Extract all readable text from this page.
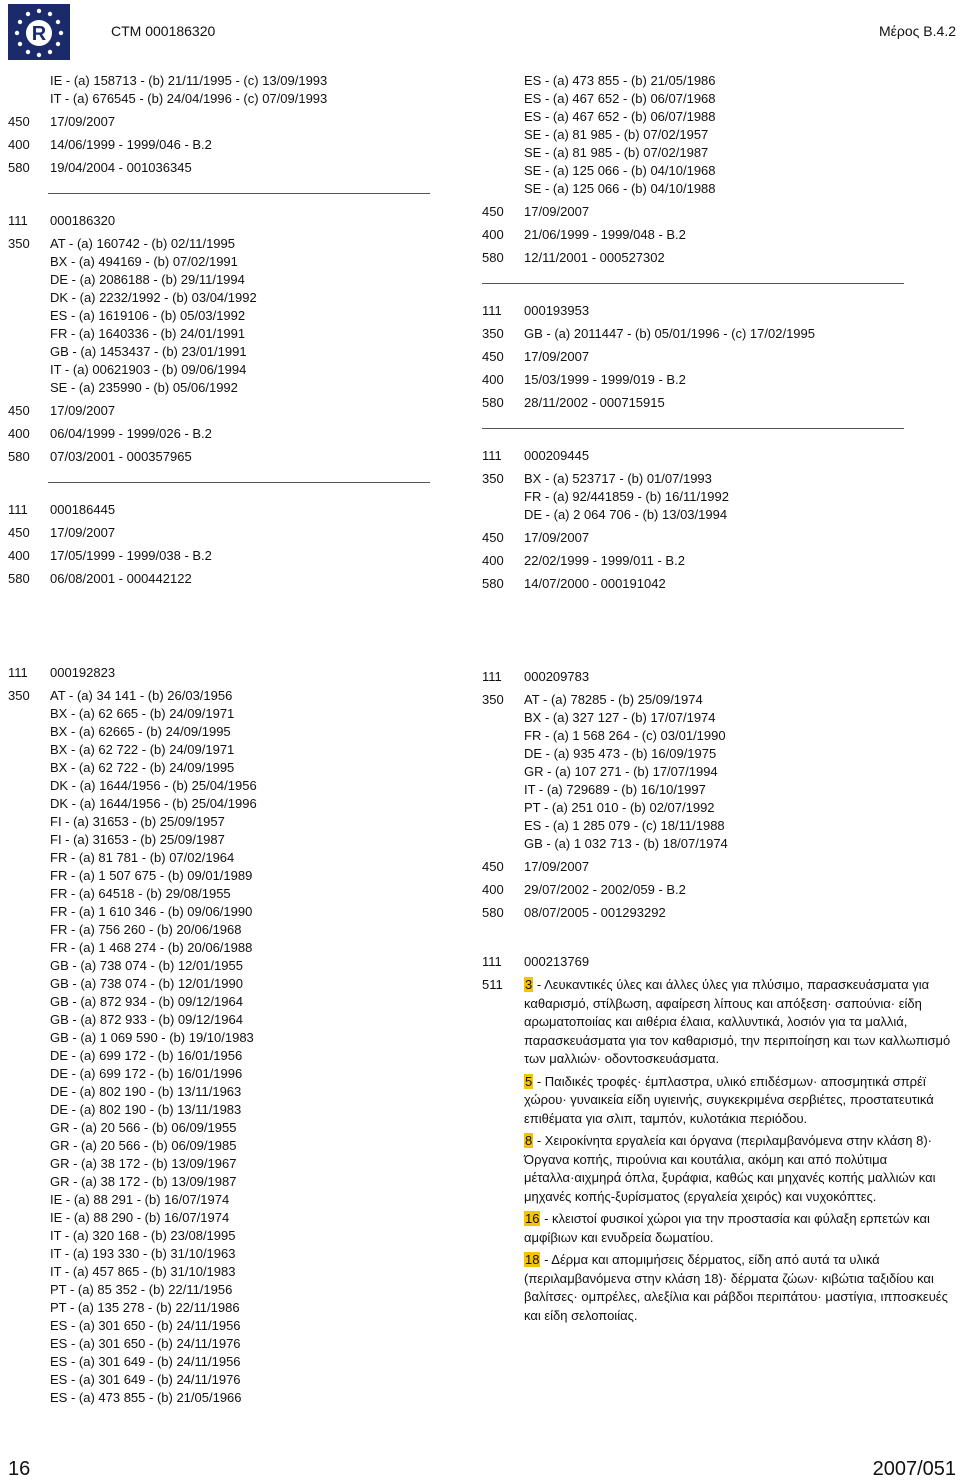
R	CTM 000186320	Μέρος Β.4.2
IE - (a) 158713 - (b) 21/11/1995 - (c) 13/09/1993
IT - (a) 676545 - (b) 24/04/1996 - (c) 07/09/1993
450	17/09/2007
400	14/06/1999 - 1999/046 - B.2
580	19/04/2004 - 001036345
111	000186320
350	AT - (a) 160742 - (b) 02/11/1995
BX - (a) 494169 - (b) 07/02/1991
DE - (a) 2086188 - (b) 29/11/1994
DK - (a) 2232/1992 - (b) 03/04/1992
ES - (a) 1619106 - (b) 05/03/1992
FR - (a) 1640336 - (b) 24/01/1991
GB - (a) 1453437 - (b) 23/01/1991
IT - (a) 00621903 - (b) 09/06/1994
SE - (a) 235990 - (b) 05/06/1992
450	17/09/2007
400	06/04/1999 - 1999/026 - B.2
580	07/03/2001 - 000357965
111	000186445
450	17/09/2007
400	17/05/1999 - 1999/038 - B.2
580	06/08/2001 - 000442122
ES - (a) 473 855 - (b) 21/05/1986
ES - (a) 467 652 - (b) 06/07/1968
ES - (a) 467 652 - (b) 06/07/1988
SE - (a) 81 985 - (b) 07/02/1957
SE - (a) 81 985 - (b) 07/02/1987
SE - (a) 125 066 - (b) 04/10/1968
SE - (a) 125 066 - (b) 04/10/1988
450	17/09/2007
400	21/06/1999 - 1999/048 - B.2
580	12/11/2001 - 000527302
111	000193953
350	GB - (a) 2011447 - (b) 05/01/1996 - (c) 17/02/1995
450	17/09/2007
400	15/03/1999 - 1999/019 - B.2
580	28/11/2002 - 000715915
111	000209445
350	BX - (a) 523717 - (b) 01/07/1993
FR - (a) 92/441859 - (b) 16/11/1992
DE - (a) 2 064 706 - (b) 13/03/1994
450	17/09/2007
400	22/02/1999 - 1999/011 - B.2
580	14/07/2000 - 000191042
111	000192823
350	AT - (a) 34 141 - (b) 26/03/1956
BX - (a) 62 665 - (b) 24/09/1971
BX - (a) 62665 - (b) 24/09/1995
BX - (a) 62 722 - (b) 24/09/1971
BX - (a) 62 722 - (b) 24/09/1995
DK - (a) 1644/1956 - (b) 25/04/1956
DK - (a) 1644/1956 - (b) 25/04/1996
FI - (a) 31653 - (b) 25/09/1957
FI - (a) 31653 - (b) 25/09/1987
FR - (a) 81 781 - (b) 07/02/1964
FR - (a) 1 507 675 - (b) 09/01/1989
FR - (a) 64518 - (b) 29/08/1955
FR - (a) 1 610 346 - (b) 09/06/1990
FR - (a) 756 260 - (b) 20/06/1968
FR - (a) 1 468 274 - (b) 20/06/1988
GB - (a) 738 074 - (b) 12/01/1955
GB - (a) 738 074 - (b) 12/01/1990
GB - (a) 872 934 - (b) 09/12/1964
GB - (a) 872 933 - (b) 09/12/1964
GB - (a) 1 069 590 - (b) 19/10/1983
DE - (a) 699 172 - (b) 16/01/1956
DE - (a) 699 172 - (b) 16/01/1996
DE - (a) 802 190 - (b) 13/11/1963
DE - (a) 802 190 - (b) 13/11/1983
GR - (a) 20 566 - (b) 06/09/1955
GR - (a) 20 566 - (b) 06/09/1985
GR - (a) 38 172 - (b) 13/09/1967
GR - (a) 38 172 - (b) 13/09/1987
IE - (a) 88 291 - (b) 16/07/1974
IE - (a) 88 290 - (b) 16/07/1974
IT - (a) 320 168 - (b) 23/08/1995
IT - (a) 193 330 - (b) 31/10/1963
IT - (a) 457 865 - (b) 31/10/1983
PT - (a) 85 352 - (b) 22/11/1956
PT - (a) 135 278 - (b) 22/11/1986
ES - (a) 301 650 - (b) 24/11/1956
ES - (a) 301 650 - (b) 24/11/1976
ES - (a) 301 649 - (b) 24/11/1956
ES - (a) 301 649 - (b) 24/11/1976
ES - (a) 473 855 - (b) 21/05/1966
111	000209783
350	AT - (a) 78285 - (b) 25/09/1974
BX - (a) 327 127 - (b) 17/07/1974
FR - (a) 1 568 264 - (c) 03/01/1990
DE - (a) 935 473 - (b) 16/09/1975
GR - (a) 107 271 - (b) 17/07/1994
IT - (a) 729689 - (b) 16/10/1997
PT - (a) 251 010 - (b) 02/07/1992
ES - (a) 1 285 079 - (c) 18/11/1988
GB - (a) 1 032 713 - (b) 18/07/1974
450	17/09/2007
400	29/07/2002 - 2002/059 - B.2
580	08/07/2005 - 001293292
111	000213769
511	3 - Λευκαντικές ύλες και άλλες ύλες για πλύσιμο, παρασκευάσματα για καθαρισμό, στίλβωση, αφαίρεση λίπους και απόξεση· σαπούνια· είδη αρωματοποιίας και αιθέρια έλαια, καλλυντικά, λοσιόν για τα μαλλιά, παρασκευάσματα για τον καθαρισμό, την περιποίηση και των καλλωπισμό των μαλλιών· οδοντοσκευάσματα.

5 - Παιδικές τροφές· έμπλαστρα, υλικό επιδέσμων· αποσμητικά σπρέϊ χώρου· γυναικεία είδη υγιεινής, συγκεκριμένα σερβιέτες, προστατευτικά επιθέματα για σλιπ, ταμπόν, κυλοτάκια περιόδου.

8 - Χειροκίνητα εργαλεία και όργανα (περιλαμβανόμενα στην κλάση 8)· Όργανα κοπής, πιρούνια και κουτάλια, ακόμη και από πολύτιμα μέταλλα·αιχμηρά όπλα, ξυράφια, καθώς και μηχανές κοπής μαλλιών και μηχανές κοπής-ξυρίσματος (εργαλεία χειρός) και νυχοκόπτες.

16 - κλειστοί φυσικοί χώροι για την προστασία και φύλαξη ερπετών και αμφίβιων και ενυδρεία δωματίου.

18 - Δέρμα και απομιμήσεις δέρματος, είδη από αυτά τα υλικά (περιλαμβανόμενα στην κλάση 18)· δέρματα ζώων· κιβώτια ταξιδίου και βαλίτσες· ομπρέλες, αλεξίλια και ράβδοι περιπάτου· μαστίγια, ιπποσκευές και είδη σελοποιίας.

16	2007/051
